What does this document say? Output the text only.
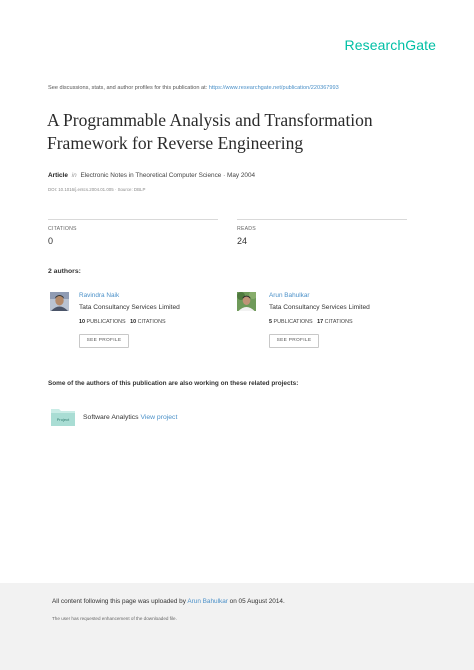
ResearchGate
See discussions, stats, and author profiles for this publication at: https://www.researchgate.net/publication/220367993
A Programmable Analysis and Transformation Framework for Reverse Engineering
Article in Electronic Notes in Theoretical Computer Science · May 2004
DOI: 10.1016/j.entcs.2004.01.005 · Source: DBLP
CITATIONS
0
READS
24
2 authors:
Ravindra Naik
Tata Consultancy Services Limited
10 PUBLICATIONS 10 CITATIONS
SEE PROFILE
Arun Bahulkar
Tata Consultancy Services Limited
5 PUBLICATIONS 17 CITATIONS
SEE PROFILE
Some of the authors of this publication are also working on these related projects:
Project Software Analytics View project
All content following this page was uploaded by Arun Bahulkar on 05 August 2014.
The user has requested enhancement of the downloaded file.
